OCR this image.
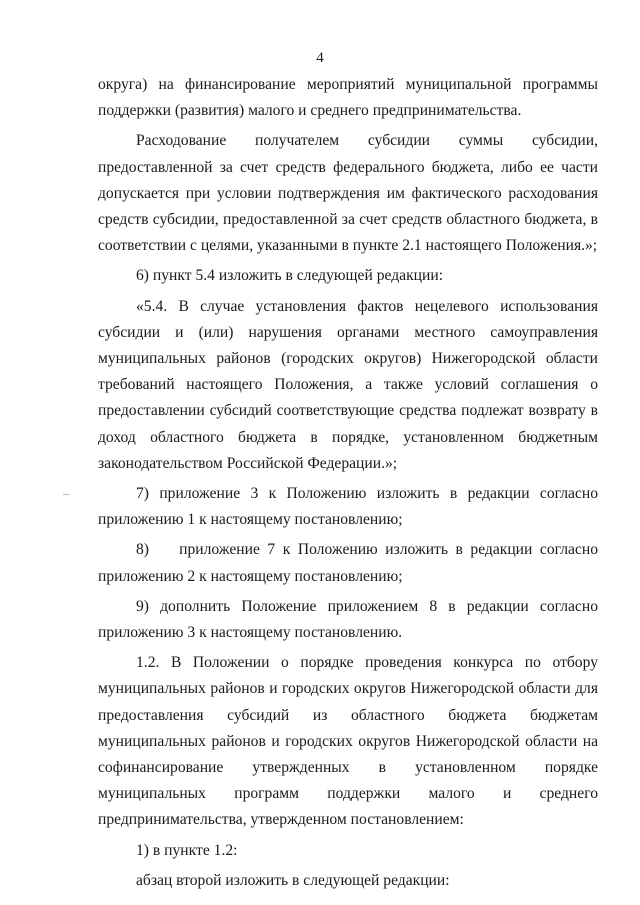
4

округа) на финансирование мероприятий муниципальной программы поддержки (развития) малого и среднего предпринимательства.

Расходование получателем субсидии суммы субсидии, предоставленной за счет средств федерального бюджета, либо ее части допускается при условии подтверждения им фактического расходования средств субсидии, предоставленной за счет средств областного бюджета, в соответствии с целями, указанными в пункте 2.1 настоящего Положения.»;

6) пункт 5.4 изложить в следующей редакции:

«5.4. В случае установления фактов нецелевого использования субсидии и (или) нарушения органами местного самоуправления муниципальных районов (городских округов) Нижегородской области требований настоящего Положения, а также условий соглашения о предоставлении субсидий соответствующие средства подлежат возврату в доход областного бюджета в порядке, установленном бюджетным законодательством Российской Федерации.»;

7) приложение 3 к Положению изложить в редакции согласно приложению 1 к настоящему постановлению;

8)    приложение 7 к Положению изложить в редакции согласно приложению 2 к настоящему постановлению;

9) дополнить Положение приложением 8 в редакции согласно приложению 3 к настоящему постановлению.

1.2. В Положении о порядке проведения конкурса по отбору муниципальных районов и городских округов Нижегородской области для предоставления субсидий из областного бюджета бюджетам муниципальных районов и городских округов Нижегородской области на софинансирование утвержденных в установленном порядке муниципальных программ поддержки малого и среднего предпринимательства, утвержденном постановлением:

1) в пункте 1.2:

абзац второй изложить в следующей редакции:
